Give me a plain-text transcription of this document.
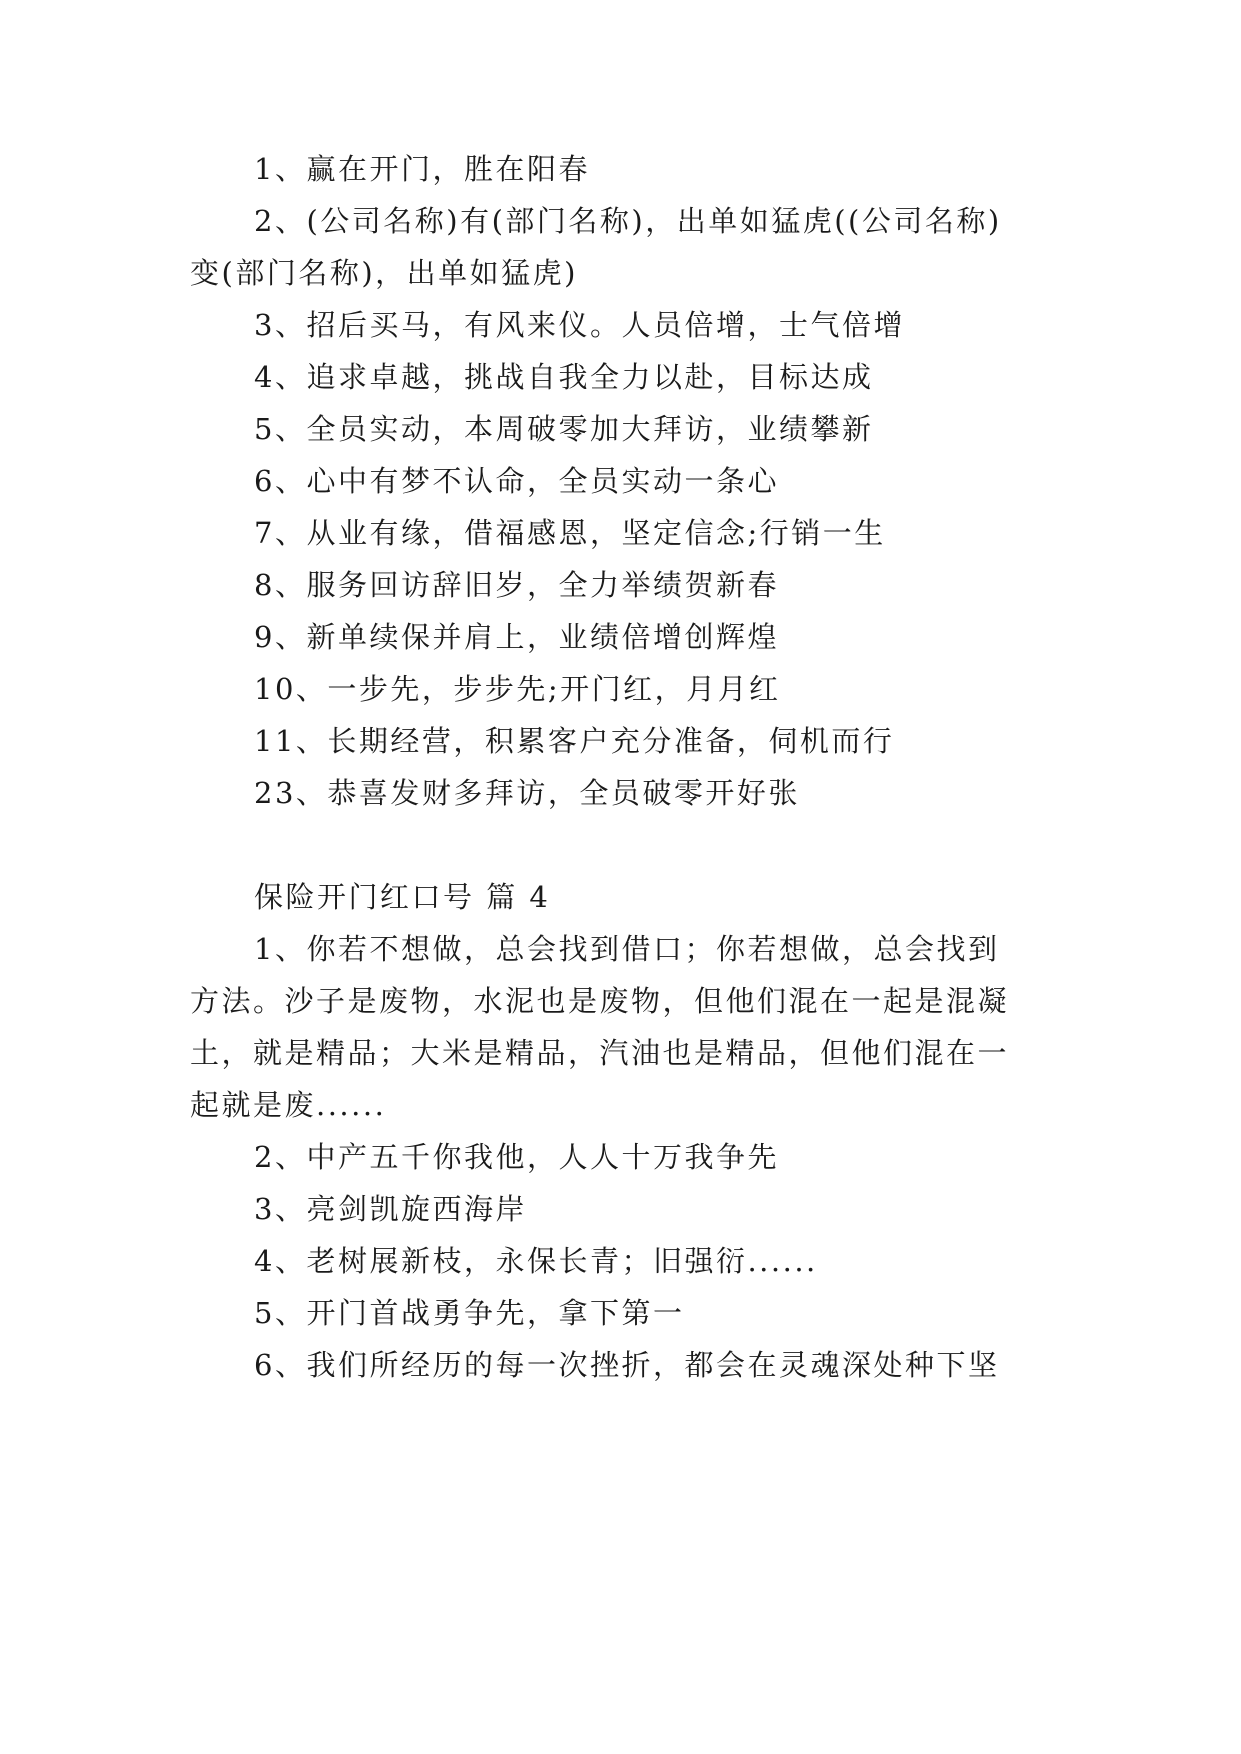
1、赢在开门，胜在阳春

2、(公司名称)有(部门名称)，出单如猛虎((公司名称)

变(部门名称)，出单如猛虎)

3、招后买马，有风来仪。人员倍增，士气倍增

4、追求卓越，挑战自我全力以赴，目标达成

5、全员实动，本周破零加大拜访，业绩攀新

6、心中有梦不认命，全员实动一条心

7、从业有缘，借福感恩，坚定信念;行销一生

8、服务回访辞旧岁，全力举绩贺新春

9、新单续保并肩上，业绩倍增创辉煌

10、一步先，步步先;开门红，月月红

11、长期经营，积累客户充分准备，伺机而行

23、恭喜发财多拜访，全员破零开好张

保险开门红口号 篇 4

1、你若不想做，总会找到借口；你若想做，总会找到

方法。沙子是废物，水泥也是废物，但他们混在一起是混凝

土，就是精品；大米是精品，汽油也是精品，但他们混在一

起就是废......

2、中产五千你我他，人人十万我争先

3、亮剑凯旋西海岸

4、老树展新枝，永保长青；旧强衍......

5、开门首战勇争先，拿下第一

6、我们所经历的每一次挫折，都会在灵魂深处种下坚
